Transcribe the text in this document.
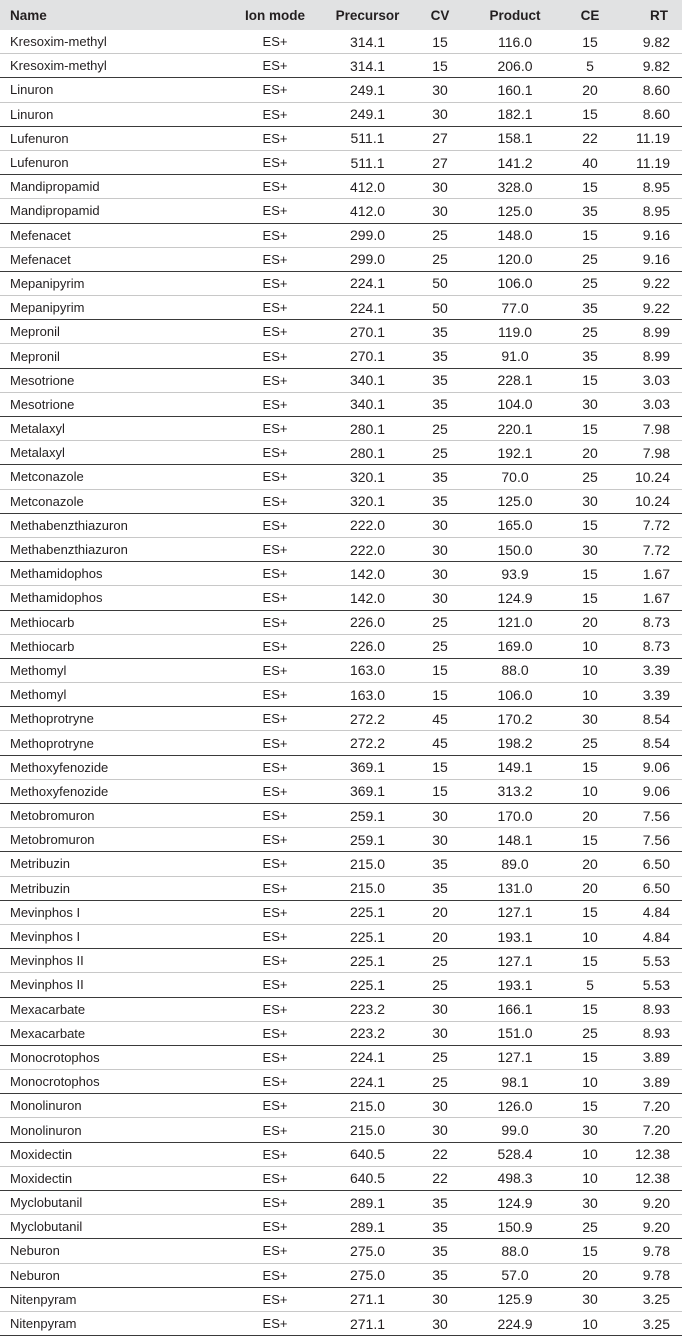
Name	Ion mode	Precursor	CV	Product	CE	RT
Kresoxim-methyl	ES+	314.1	15	116.0	15	9.82
Kresoxim-methyl	ES+	314.1	15	206.0	5	9.82
Linuron	ES+	249.1	30	160.1	20	8.60
Linuron	ES+	249.1	30	182.1	15	8.60
Lufenuron	ES+	511.1	27	158.1	22	11.19
Lufenuron	ES+	511.1	27	141.2	40	11.19
Mandipropamid	ES+	412.0	30	328.0	15	8.95
Mandipropamid	ES+	412.0	30	125.0	35	8.95
Mefenacet	ES+	299.0	25	148.0	15	9.16
Mefenacet	ES+	299.0	25	120.0	25	9.16
Mepanipyrim	ES+	224.1	50	106.0	25	9.22
Mepanipyrim	ES+	224.1	50	77.0	35	9.22
Mepronil	ES+	270.1	35	119.0	25	8.99
Mepronil	ES+	270.1	35	91.0	35	8.99
Mesotrione	ES+	340.1	35	228.1	15	3.03
Mesotrione	ES+	340.1	35	104.0	30	3.03
Metalaxyl	ES+	280.1	25	220.1	15	7.98
Metalaxyl	ES+	280.1	25	192.1	20	7.98
Metconazole	ES+	320.1	35	70.0	25	10.24
Metconazole	ES+	320.1	35	125.0	30	10.24
Methabenzthiazuron	ES+	222.0	30	165.0	15	7.72
Methabenzthiazuron	ES+	222.0	30	150.0	30	7.72
Methamidophos	ES+	142.0	30	93.9	15	1.67
Methamidophos	ES+	142.0	30	124.9	15	1.67
Methiocarb	ES+	226.0	25	121.0	20	8.73
Methiocarb	ES+	226.0	25	169.0	10	8.73
Methomyl	ES+	163.0	15	88.0	10	3.39
Methomyl	ES+	163.0	15	106.0	10	3.39
Methoprotryne	ES+	272.2	45	170.2	30	8.54
Methoprotryne	ES+	272.2	45	198.2	25	8.54
Methoxyfenozide	ES+	369.1	15	149.1	15	9.06
Methoxyfenozide	ES+	369.1	15	313.2	10	9.06
Metobromuron	ES+	259.1	30	170.0	20	7.56
Metobromuron	ES+	259.1	30	148.1	15	7.56
Metribuzin	ES+	215.0	35	89.0	20	6.50
Metribuzin	ES+	215.0	35	131.0	20	6.50
Mevinphos I	ES+	225.1	20	127.1	15	4.84
Mevinphos I	ES+	225.1	20	193.1	10	4.84
Mevinphos II	ES+	225.1	25	127.1	15	5.53
Mevinphos II	ES+	225.1	25	193.1	5	5.53
Mexacarbate	ES+	223.2	30	166.1	15	8.93
Mexacarbate	ES+	223.2	30	151.0	25	8.93
Monocrotophos	ES+	224.1	25	127.1	15	3.89
Monocrotophos	ES+	224.1	25	98.1	10	3.89
Monolinuron	ES+	215.0	30	126.0	15	7.20
Monolinuron	ES+	215.0	30	99.0	30	7.20
Moxidectin	ES+	640.5	22	528.4	10	12.38
Moxidectin	ES+	640.5	22	498.3	10	12.38
Myclobutanil	ES+	289.1	35	124.9	30	9.20
Myclobutanil	ES+	289.1	35	150.9	25	9.20
Neburon	ES+	275.0	35	88.0	15	9.78
Neburon	ES+	275.0	35	57.0	20	9.78
Nitenpyram	ES+	271.1	30	125.9	30	3.25
Nitenpyram	ES+	271.1	30	224.9	10	3.25
